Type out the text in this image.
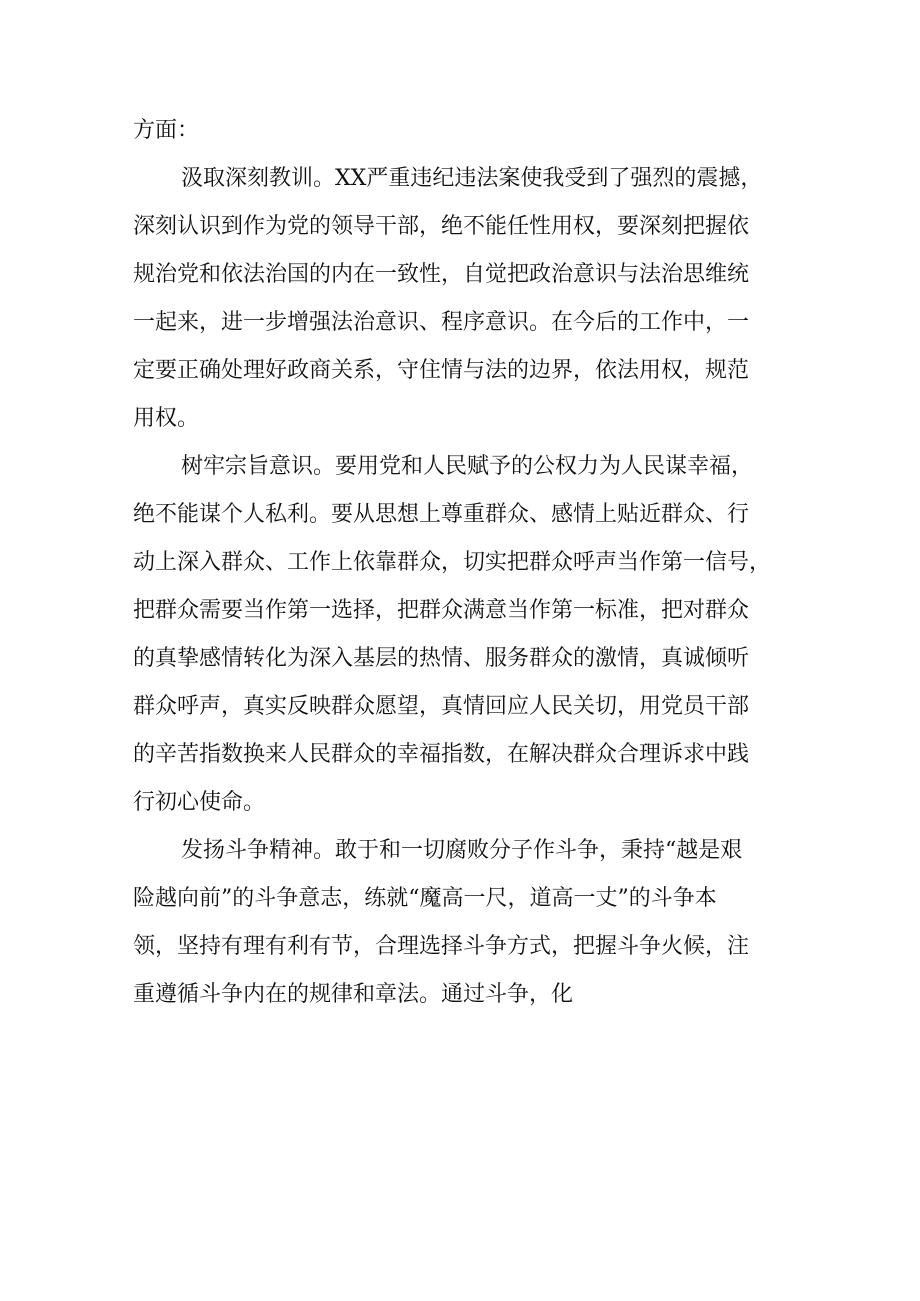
方面：
汲取深刻教训。XX严重违纪违法案使我受到了强烈的震撼，
深刻认识到作为党的领导干部，绝不能任性用权，要深刻把握依
规治党和依法治国的内在一致性，自觉把政治意识与法治思维统
一起来，进一步增强法治意识、程序意识。在今后的工作中，一
定要正确处理好政商关系，守住情与法的边界，依法用权，规范
用权。
树牢宗旨意识。要用党和人民赋予的公权力为人民谋幸福，
绝不能谋个人私利。要从思想上尊重群众、感情上贴近群众、行
动上深入群众、工作上依靠群众，切实把群众呼声当作第一信号，
把群众需要当作第一选择，把群众满意当作第一标准，把对群众
的真挚感情转化为深入基层的热情、服务群众的激情，真诚倾听
群众呼声，真实反映群众愿望，真情回应人民关切，用党员干部
的辛苦指数换来人民群众的幸福指数，在解决群众合理诉求中践
行初心使命。
发扬斗争精神。敢于和一切腐败分子作斗争，秉持“越是艰
险越向前”的斗争意志，练就“魔高一尺，道高一丈”的斗争本
领，坚持有理有利有节，合理选择斗争方式，把握斗争火候，注
重遵循斗争内在的规律和章法。通过斗争，化
